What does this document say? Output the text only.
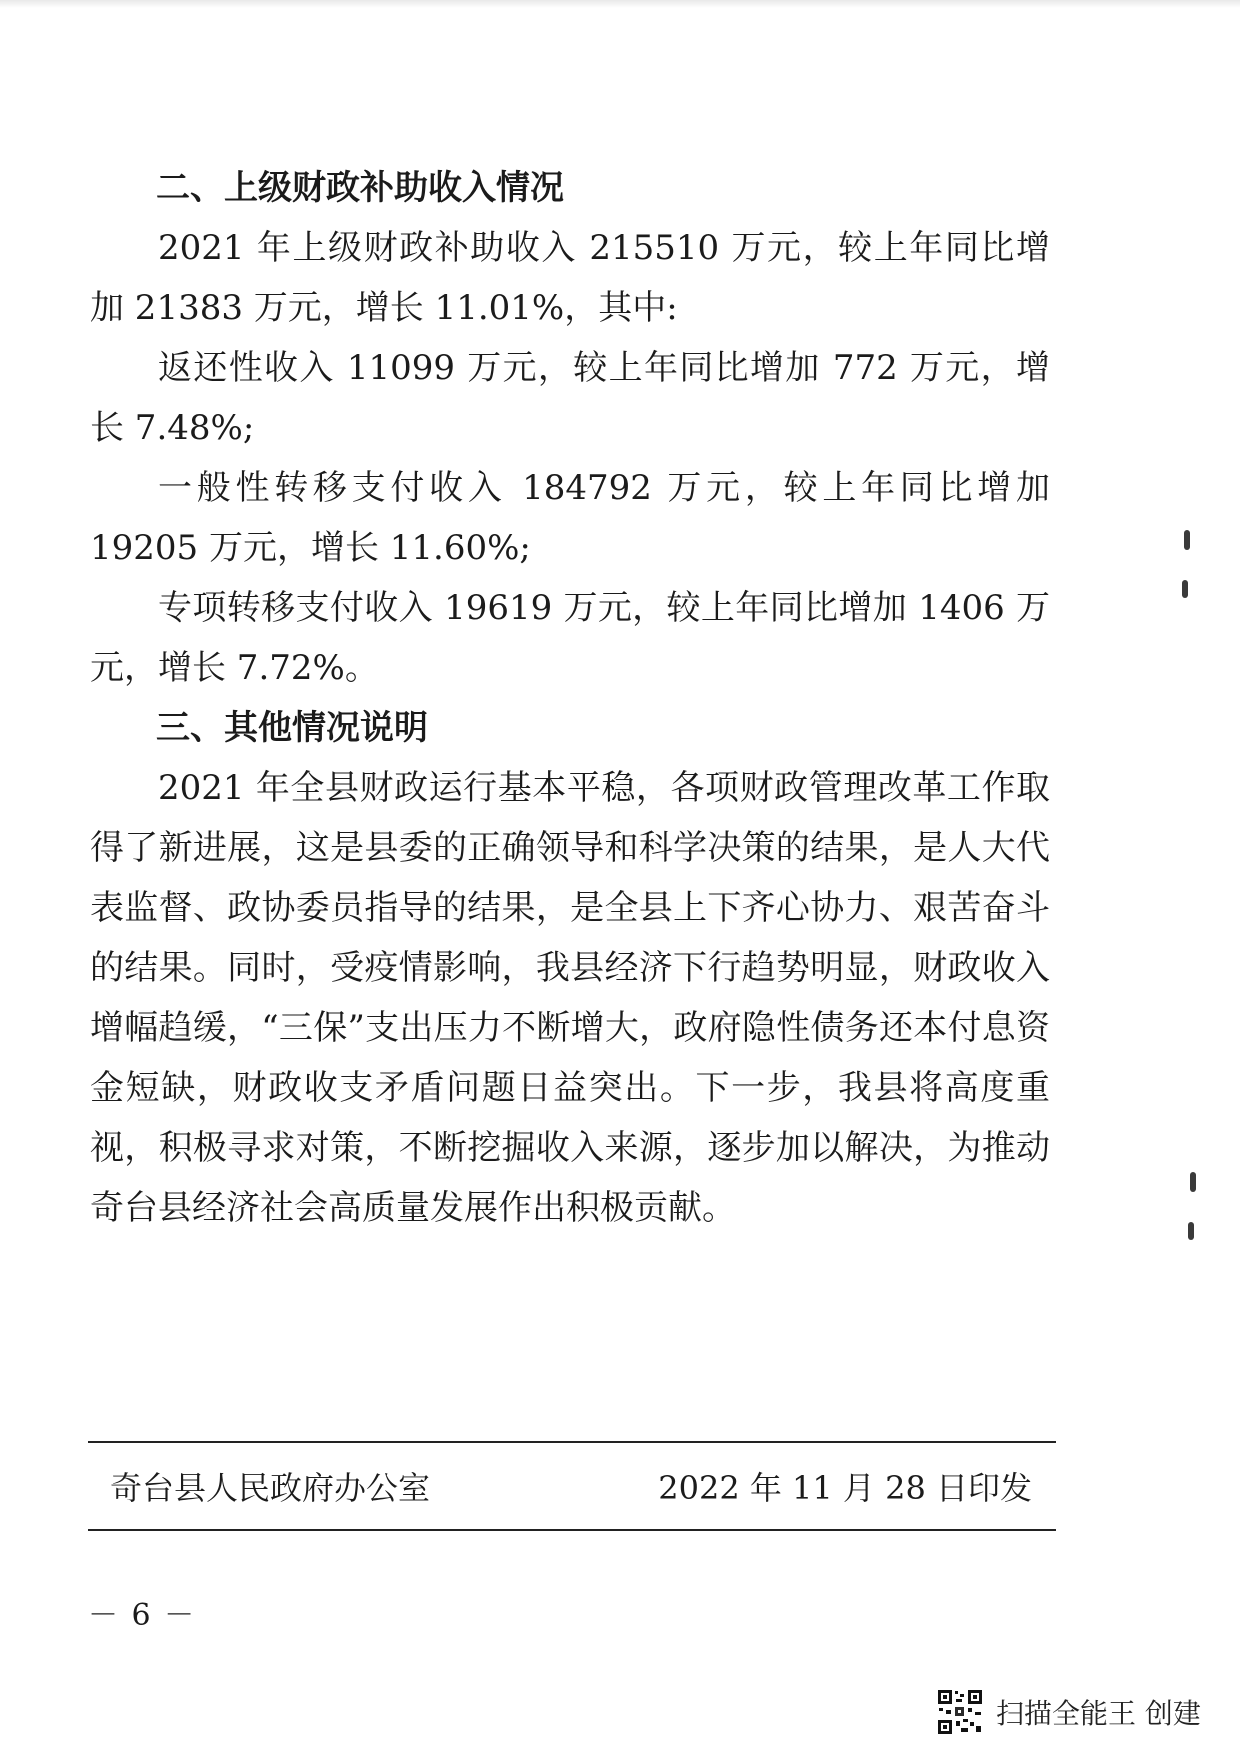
二、上级财政补助收入情况

2021 年上级财政补助收入 215510 万元，较上年同比增加 21383 万元，增长 11.01%，其中:

返还性收入 11099 万元，较上年同比增加 772 万元，增长 7.48%;

一般性转移支付收入 184792 万元，较上年同比增加 19205 万元，增长 11.60%;

专项转移支付收入 19619 万元，较上年同比增加 1406 万元，增长 7.72%。

三、其他情况说明

2021 年全县财政运行基本平稳，各项财政管理改革工作取得了新进展，这是县委的正确领导和科学决策的结果，是人大代表监督、政协委员指导的结果，是全县上下齐心协力、艰苦奋斗的结果。同时，受疫情影响，我县经济下行趋势明显，财政收入增幅趋缓，“三保”支出压力不断增大，政府隐性债务还本付息资金短缺，财政收支矛盾问题日益突出。下一步，我县将高度重视，积极寻求对策，不断挖掘收入来源，逐步加以解决，为推动奇台县经济社会高质量发展作出积极贡献。

奇台县人民政府办公室	2022 年 11 月 28 日印发
－ 6 －
扫描全能王 创建
